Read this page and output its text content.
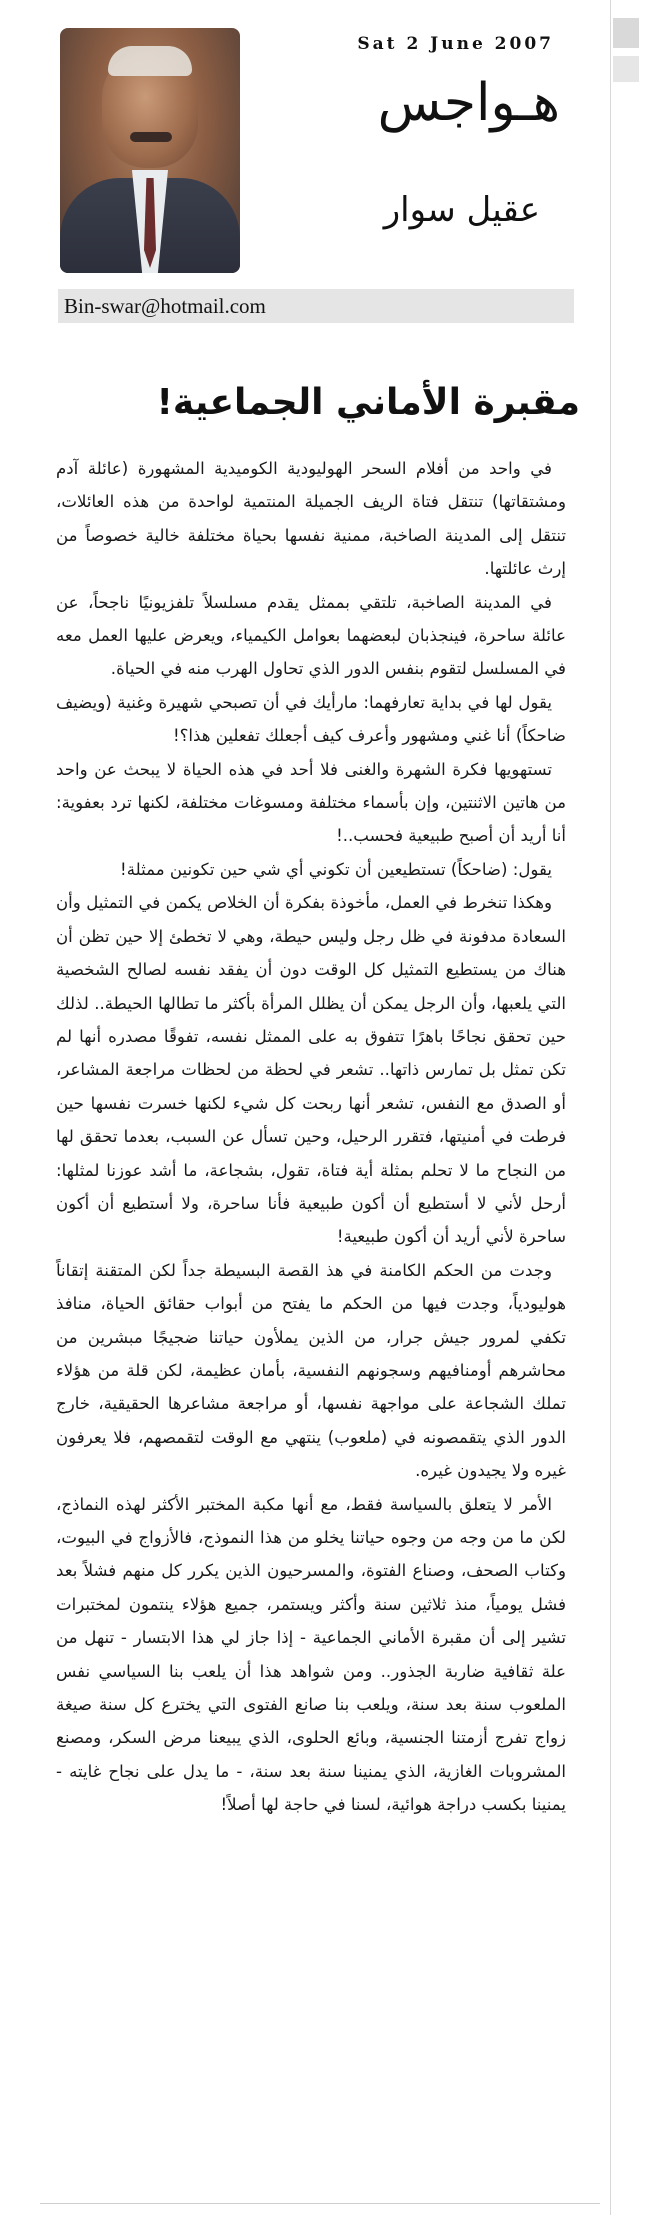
Sat 2 June 2007
هـواجس
عقيل سوار
Bin-swar@hotmail.com
مقبرة الأماني الجماعية!

في واحد من أفلام السحر الهوليودية الكوميدية المشهورة (عائلة آدم ومشتقاتها) تنتقل فتاة الريف الجميلة المنتمية لواحدة من هذه العائلات، تنتقل إلى المدينة الصاخبة، ممنية نفسها بحياة مختلفة خالية خصوصاً من إرث عائلتها.

في المدينة الصاخبة، تلتقي بممثل يقدم مسلسلاً تلفزيونيًا ناجحاً، عن عائلة ساحرة، فينجذبان لبعضهما بعوامل الكيمياء، ويعرض عليها العمل معه في المسلسل لتقوم بنفس الدور الذي تحاول الهرب منه في الحياة.

يقول لها في بداية تعارفهما: مارأيك في أن تصبحي شهيرة وغنية (ويضيف ضاحكاً) أنا غني ومشهور وأعرف كيف أجعلك تفعلين هذا؟!

تستهويها فكرة الشهرة والغنى فلا أحد في هذه الحياة لا يبحث عن واحد من هاتين الاثنتين، وإن بأسماء مختلفة ومسوغات مختلفة، لكنها ترد بعفوية: أنا أريد أن أصبح طبيعية فحسب..!

يقول: (ضاحكاً) تستطيعين أن تكوني أي شي حين تكونين ممثلة!

وهكذا تنخرط في العمل، مأخوذة بفكرة أن الخلاص يكمن في التمثيل وأن السعادة مدفونة في ظل رجل وليس حيطة، وهي لا تخطئ إلا حين تظن أن هناك من يستطيع التمثيل كل الوقت دون أن يفقد نفسه لصالح الشخصية التي يلعبها، وأن الرجل يمكن أن يظلل المرأة بأكثر ما تطالها الحيطة.. لذلك حين تحقق نجاحًا باهرًا تتفوق به على الممثل نفسه، تفوقًا مصدره أنها لم تكن تمثل بل تمارس ذاتها.. تشعر في لحظة من لحظات مراجعة المشاعر، أو الصدق مع النفس، تشعر أنها ربحت كل شيء لكنها خسرت نفسها حين فرطت في أمنيتها، فتقرر الرحيل، وحين تسأل عن السبب، بعدما تحقق لها من النجاح ما لا تحلم بمثلة أية فتاة، تقول، بشجاعة، ما أشد عوزنا لمثلها: أرحل لأني لا أستطيع أن أكون طبيعية فأنا ساحرة، ولا أستطيع أن أكون ساحرة لأني أريد أن أكون طبيعية!

وجدت من الحكم الكامنة في هذ القصة البسيطة جداً لكن المتقنة إتقاناً هوليودياً، وجدت فيها من الحكم ما يفتح من أبواب حقائق الحياة، منافذ تكفي لمرور جيش جرار، من الذين يملأون حياتنا ضجيجًا مبشرين من محاشرهم أومنافيهم وسجونهم النفسية، بأمان عظيمة، لكن قلة من هؤلاء تملك الشجاعة على مواجهة نفسها، أو مراجعة مشاعرها الحقيقية، خارج الدور الذي يتقمصونه في (ملعوب) ينتهي مع الوقت لتقمصهم، فلا يعرفون غيره ولا يجيدون غيره.

الأمر لا يتعلق بالسياسة فقط، مع أنها مكبة المختبر الأكثر لهذه النماذج، لكن ما من وجه من وجوه حياتنا يخلو من هذا النموذج، فالأزواج في البيوت، وكتاب الصحف، وصناع الفتوة، والمسرحيون الذين يكرر كل منهم فشلاً بعد فشل يومياً، منذ ثلاثين سنة وأكثر ويستمر، جميع هؤلاء ينتمون لمختبرات تشير إلى أن مقبرة الأماني الجماعية - إذا جاز لي هذا الابتسار - تنهل من علة ثقافية ضاربة الجذور.. ومن شواهد هذا أن يلعب بنا السياسي نفس الملعوب سنة بعد سنة، ويلعب بنا صانع الفتوى التي يخترع كل سنة صيغة زواج تفرج أزمتنا الجنسية، وبائع الحلوى، الذي يبيعنا مرض السكر، ومصنع المشروبات الغازية، الذي يمنينا سنة بعد سنة، - ما يدل على نجاح غايته - يمنينا بكسب دراجة هوائية، لسنا في حاجة لها أصلاً!
